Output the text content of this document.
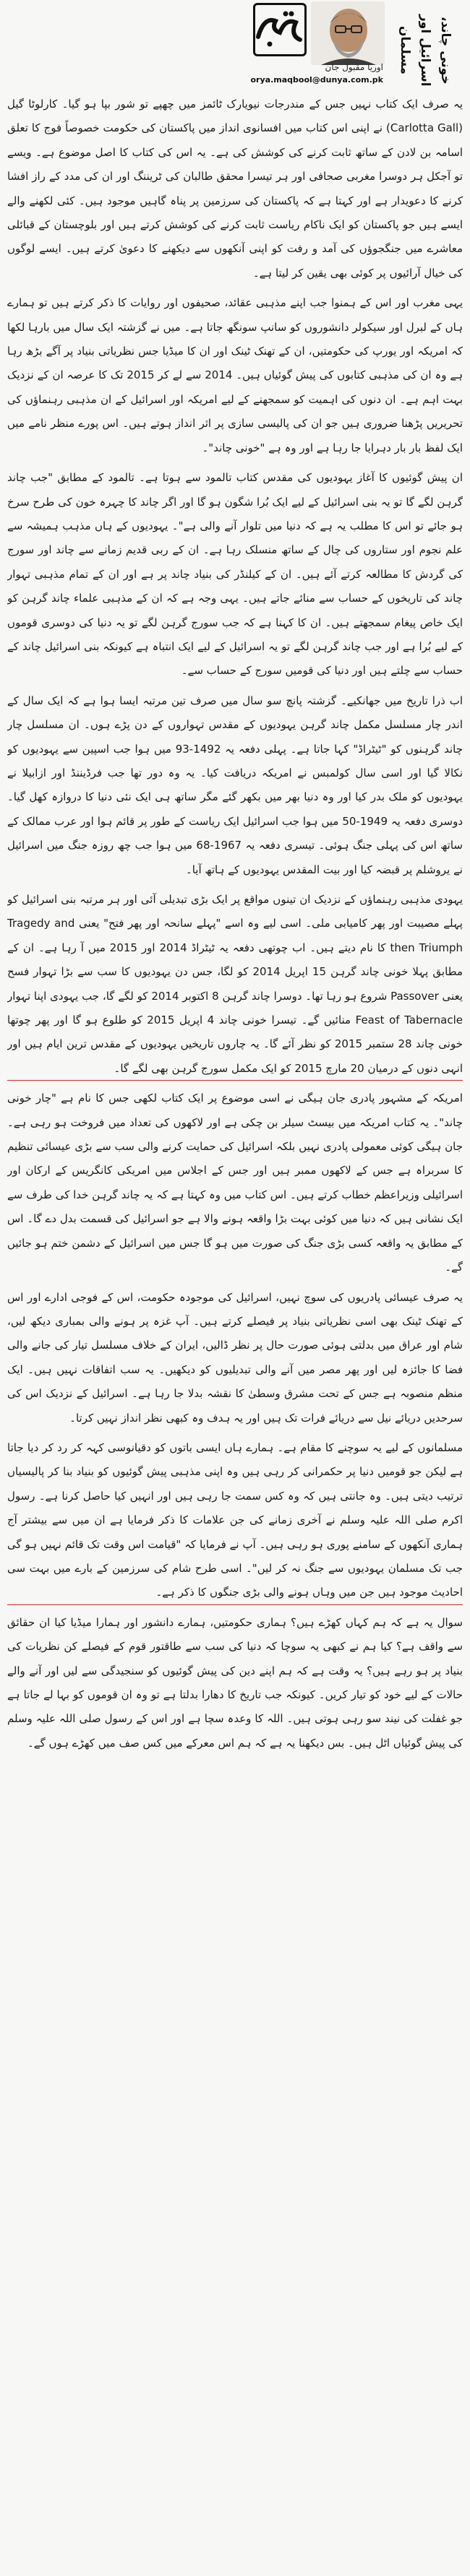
اوریا مقبول جان
orya.maqbool@dunya.com.pk	خونی چاند، اسرائیل اور مسلمان

یہ صرف ایک کتاب نہیں جس کے مندرجات نیویارک ٹائمز میں چھپے تو شور بپا ہو گیا۔ کارلوٹا گیل (Carlotta Gall) نے اپنی اس کتاب میں افسانوی انداز میں پاکستان کی حکومت خصوصاً فوج کا تعلق اسامہ بن لادن کے ساتھ ثابت کرنے کی کوشش کی ہے۔ یہ اس کی کتاب کا اصل موضوع ہے۔ ویسے تو آجکل ہر دوسرا مغربی صحافی اور ہر تیسرا محقق طالبان کی ٹریننگ اور ان کی مدد کے راز افشا کرنے کا دعویدار ہے اور کہتا ہے کہ پاکستان کی سرزمین پر پناہ گاہیں موجود ہیں۔ کئی لکھنے والے ایسے ہیں جو پاکستان کو ایک ناکام ریاست ثابت کرنے کی کوشش کرتے ہیں اور بلوچستان کے قبائلی معاشرے میں جنگجوؤں کی آمد و رفت کو اپنی آنکھوں سے دیکھنے کا دعویٰ کرتے ہیں۔ ایسے لوگوں کی خیال آرائیوں پر کوئی بھی یقین کر لیتا ہے۔

یہی مغرب اور اس کے ہمنوا جب اپنے مذہبی عقائد، صحیفوں اور روایات کا ذکر کرتے ہیں تو ہمارے ہاں کے لبرل اور سیکولر دانشوروں کو سانپ سونگھ جاتا ہے۔ میں نے گزشتہ ایک سال میں بارہا لکھا کہ امریکہ اور یورپ کی حکومتیں، ان کے تھنک ٹینک اور ان کا میڈیا جس نظریاتی بنیاد پر آگے بڑھ رہا ہے وہ ان کی مذہبی کتابوں کی پیش گوئیاں ہیں۔ 2014 سے لے کر 2015 تک کا عرصہ ان کے نزدیک بہت اہم ہے۔ ان دنوں کی اہمیت کو سمجھنے کے لیے امریکہ اور اسرائیل کے ان مذہبی رہنماؤں کی تحریریں پڑھنا ضروری ہیں جو ان کی پالیسی سازی پر اثر انداز ہوتے ہیں۔ اس پورے منظر نامے میں ایک لفظ بار بار دہرایا جا رہا ہے اور وہ ہے "خونی چاند"۔

ان پیش گوئیوں کا آغاز یہودیوں کی مقدس کتاب تالمود سے ہوتا ہے۔ تالمود کے مطابق "جب چاند گرہن لگے گا تو یہ بنی اسرائیل کے لیے ایک بُرا شگون ہو گا اور اگر چاند کا چہرہ خون کی طرح سرخ ہو جائے تو اس کا مطلب یہ ہے کہ دنیا میں تلوار آنے والی ہے"۔ یہودیوں کے ہاں مذہب ہمیشہ سے علم نجوم اور ستاروں کی چال کے ساتھ منسلک رہا ہے۔ ان کے ربی قدیم زمانے سے چاند اور سورج کی گردش کا مطالعہ کرتے آئے ہیں۔ ان کے کیلنڈر کی بنیاد چاند پر ہے اور ان کے تمام مذہبی تہوار چاند کی تاریخوں کے حساب سے منائے جاتے ہیں۔ یہی وجہ ہے کہ ان کے مذہبی علماء چاند گرہن کو ایک خاص پیغام سمجھتے ہیں۔ ان کا کہنا ہے کہ جب سورج گرہن لگے تو یہ دنیا کی دوسری قوموں کے لیے بُرا ہے اور جب چاند گرہن لگے تو یہ اسرائیل کے لیے ایک انتباہ ہے کیونکہ بنی اسرائیل چاند کے حساب سے چلتے ہیں اور دنیا کی قومیں سورج کے حساب سے۔

اب ذرا تاریخ میں جھانکیے۔ گزشتہ پانچ سو سال میں صرف تین مرتبہ ایسا ہوا ہے کہ ایک سال کے اندر چار مسلسل مکمل چاند گرہن یہودیوں کے مقدس تہواروں کے دن پڑے ہوں۔ ان مسلسل چار چاند گرہنوں کو "ٹیٹراڈ" کہا جاتا ہے۔ پہلی دفعہ یہ 1492-93 میں ہوا جب اسپین سے یہودیوں کو نکالا گیا اور اسی سال کولمبس نے امریکہ دریافت کیا۔ یہ وہ دور تھا جب فرڈیننڈ اور ازابیلا نے یہودیوں کو ملک بدر کیا اور وہ دنیا بھر میں بکھر گئے مگر ساتھ ہی ایک نئی دنیا کا دروازہ کھل گیا۔ دوسری دفعہ یہ 1949-50 میں ہوا جب اسرائیل ایک ریاست کے طور پر قائم ہوا اور عرب ممالک کے ساتھ اس کی پہلی جنگ ہوئی۔ تیسری دفعہ یہ 1967-68 میں ہوا جب چھ روزہ جنگ میں اسرائیل نے یروشلم پر قبضہ کیا اور بیت المقدس یہودیوں کے ہاتھ آیا۔

یہودی مذہبی رہنماؤں کے نزدیک ان تینوں مواقع پر ایک بڑی تبدیلی آئی اور ہر مرتبہ بنی اسرائیل کو پہلے مصیبت اور پھر کامیابی ملی۔ اسی لیے وہ اسے "پہلے سانحہ اور پھر فتح" یعنی Tragedy and then Triumph کا نام دیتے ہیں۔ اب چوتھی دفعہ یہ ٹیٹراڈ 2014 اور 2015 میں آ رہا ہے۔ ان کے مطابق پہلا خونی چاند گرہن 15 اپریل 2014 کو لگا، جس دن یہودیوں کا سب سے بڑا تہوار فسح یعنی Passover شروع ہو رہا تھا۔ دوسرا چاند گرہن 8 اکتوبر 2014 کو لگے گا، جب یہودی اپنا تہوار Feast of Tabernacle منائیں گے۔ تیسرا خونی چاند 4 اپریل 2015 کو طلوع ہو گا اور پھر چوتھا خونی چاند 28 ستمبر 2015 کو نظر آئے گا۔ یہ چاروں تاریخیں یہودیوں کے مقدس ترین ایام ہیں اور انہی دنوں کے درمیان 20 مارچ 2015 کو ایک مکمل سورج گرہن بھی لگے گا۔

امریکہ کے مشہور پادری جان ہیگی نے اسی موضوع پر ایک کتاب لکھی جس کا نام ہے "چار خونی چاند"۔ یہ کتاب امریکہ میں بیسٹ سیلر بن چکی ہے اور لاکھوں کی تعداد میں فروخت ہو رہی ہے۔ جان ہیگی کوئی معمولی پادری نہیں بلکہ اسرائیل کی حمایت کرنے والی سب سے بڑی عیسائی تنظیم کا سربراہ ہے جس کے لاکھوں ممبر ہیں اور جس کے اجلاس میں امریکی کانگریس کے ارکان اور اسرائیلی وزیراعظم خطاب کرتے ہیں۔ اس کتاب میں وہ کہتا ہے کہ یہ چاند گرہن خدا کی طرف سے ایک نشانی ہیں کہ دنیا میں کوئی بہت بڑا واقعہ ہونے والا ہے جو اسرائیل کی قسمت بدل دے گا۔ اس کے مطابق یہ واقعہ کسی بڑی جنگ کی صورت میں ہو گا جس میں اسرائیل کے دشمن ختم ہو جائیں گے۔

یہ صرف عیسائی پادریوں کی سوچ نہیں، اسرائیل کی موجودہ حکومت، اس کے فوجی ادارے اور اس کے تھنک ٹینک بھی اسی نظریاتی بنیاد پر فیصلے کرتے ہیں۔ آپ غزہ پر ہونے والی بمباری دیکھ لیں، شام اور عراق میں بدلتی ہوئی صورت حال پر نظر ڈالیں، ایران کے خلاف مسلسل تیار کی جانے والی فضا کا جائزہ لیں اور پھر مصر میں آنے والی تبدیلیوں کو دیکھیں۔ یہ سب اتفاقات نہیں ہیں۔ ایک منظم منصوبہ ہے جس کے تحت مشرق وسطیٰ کا نقشہ بدلا جا رہا ہے۔ اسرائیل کے نزدیک اس کی سرحدیں دریائے نیل سے دریائے فرات تک ہیں اور یہ ہدف وہ کبھی نظر انداز نہیں کرتا۔

مسلمانوں کے لیے یہ سوچنے کا مقام ہے۔ ہمارے ہاں ایسی باتوں کو دقیانوسی کہہ کر رد کر دیا جاتا ہے لیکن جو قومیں دنیا پر حکمرانی کر رہی ہیں وہ اپنی مذہبی پیش گوئیوں کو بنیاد بنا کر پالیسیاں ترتیب دیتی ہیں۔ وہ جانتی ہیں کہ وہ کس سمت جا رہی ہیں اور انہیں کیا حاصل کرنا ہے۔ رسول اکرم صلی اللہ علیہ وسلم نے آخری زمانے کی جن علامات کا ذکر فرمایا ہے ان میں سے بیشتر آج ہماری آنکھوں کے سامنے پوری ہو رہی ہیں۔ آپ نے فرمایا کہ "قیامت اس وقت تک قائم نہیں ہو گی جب تک مسلمان یہودیوں سے جنگ نہ کر لیں"۔ اسی طرح شام کی سرزمین کے بارے میں بہت سی احادیث موجود ہیں جن میں وہاں ہونے والی بڑی جنگوں کا ذکر ہے۔

سوال یہ ہے کہ ہم کہاں کھڑے ہیں؟ ہماری حکومتیں، ہمارے دانشور اور ہمارا میڈیا کیا ان حقائق سے واقف ہے؟ کیا ہم نے کبھی یہ سوچا کہ دنیا کی سب سے طاقتور قوم کے فیصلے کن نظریات کی بنیاد پر ہو رہے ہیں؟ یہ وقت ہے کہ ہم اپنے دین کی پیش گوئیوں کو سنجیدگی سے لیں اور آنے والے حالات کے لیے خود کو تیار کریں۔ کیونکہ جب تاریخ کا دھارا بدلتا ہے تو وہ ان قوموں کو بہا لے جاتا ہے جو غفلت کی نیند سو رہی ہوتی ہیں۔ اللہ کا وعدہ سچا ہے اور اس کے رسول صلی اللہ علیہ وسلم کی پیش گوئیاں اٹل ہیں۔ بس دیکھنا یہ ہے کہ ہم اس معرکے میں کس صف میں کھڑے ہوں گے۔
